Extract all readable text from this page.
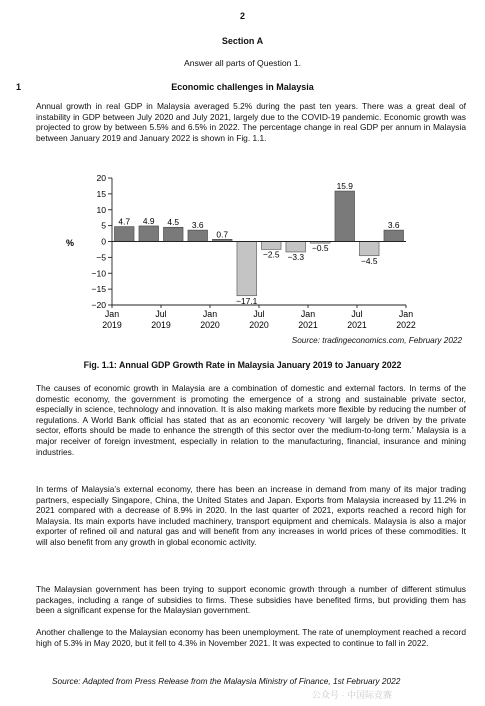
2
Section A
Answer all parts of Question 1.
1	Economic challenges in Malaysia

Annual growth in real GDP in Malaysia averaged 5.2% during the past ten years. There was a great deal of instability in GDP between July 2020 and July 2021, largely due to the COVID-19 pandemic. Economic growth was projected to grow by between 5.5% and 6.5% in 2022. The percentage change in real GDP per annum in Malaysia between January 2019 and January 2022 is shown in Fig. 1.1.

%
20
15
10
5
0
−5
−10
−15
−20
4.7 4.9 4.5 3.6
0.7
−17.1
−2.5 −3.3
−0.5
15.9
−4.5
3.6
Jan
2019
Jul
2019
Jan
2020
Jul
2020
Jan
2021
Jul
2021
Jan
2022
Source: tradingeconomics.com, February 2022
Fig. 1.1: Annual GDP Growth Rate in Malaysia January 2019 to January 2022

The causes of economic growth in Malaysia are a combination of domestic and external factors. In terms of the domestic economy, the government is promoting the emergence of a strong and sustainable private sector, especially in science, technology and innovation. It is also making markets more flexible by reducing the number of regulations. A World Bank official has stated that as an economic recovery ‘will largely be driven by the private sector, efforts should be made to enhance the strength of this sector over the medium-to-long term.’ Malaysia is a major receiver of foreign investment, especially in relation to the manufacturing, financial, insurance and mining industries.

In terms of Malaysia’s external economy, there has been an increase in demand from many of its major trading partners, especially Singapore, China, the United States and Japan. Exports from Malaysia increased by 11.2% in 2021 compared with a decrease of 8.9% in 2020. In the last quarter of 2021, exports reached a record high for Malaysia. Its main exports have included machinery, transport equipment and chemicals. Malaysia is also a major exporter of refined oil and natural gas and will benefit from any increases in world prices of these commodities. It will also benefit from any growth in global economic activity.

The Malaysian government has been trying to support economic growth through a number of different stimulus packages, including a range of subsidies to firms. These subsidies have benefited firms, but providing them has been a significant expense for the Malaysian government.

Another challenge to the Malaysian economy has been unemployment. The rate of unemployment reached a record high of 5.3% in May 2020, but it fell to 4.3% in November 2021. It was expected to continue to fall in 2022.

Source: Adapted from Press Release from the Malaysia Ministry of Finance, 1st February 2022
公众号 · 中国际竞赛
